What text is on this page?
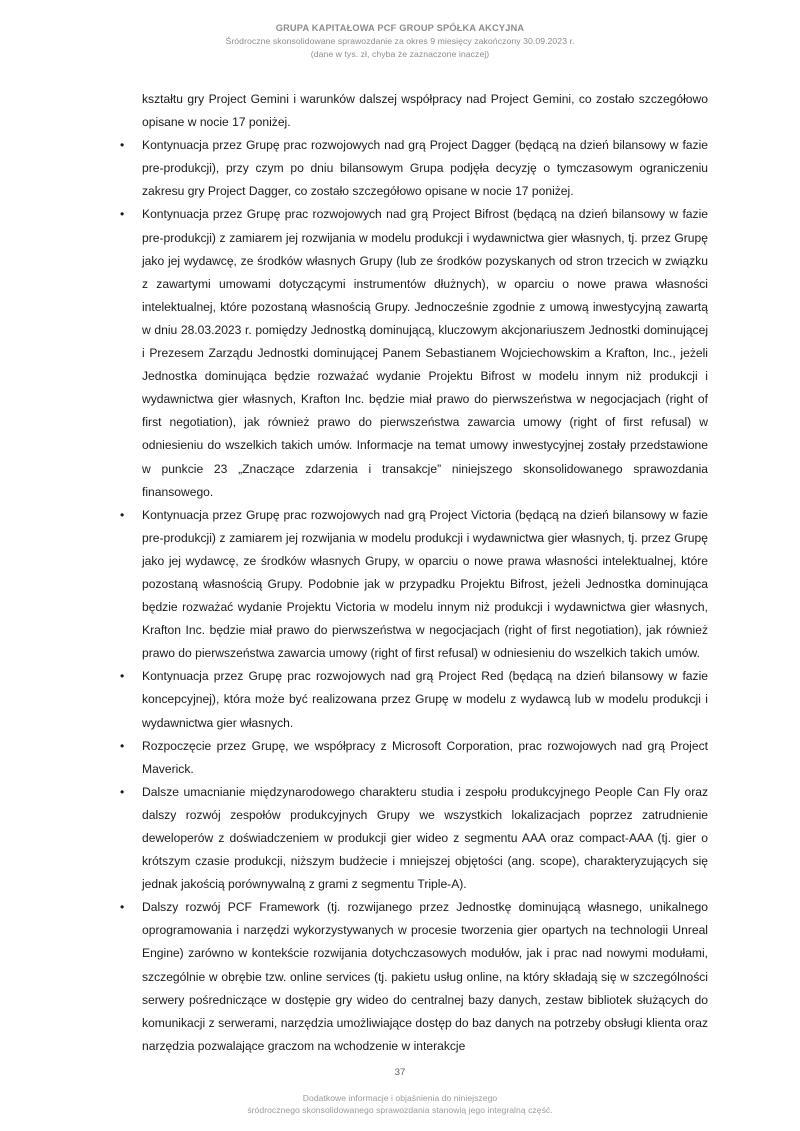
GRUPA KAPITAŁOWA PCF GROUP SPÓŁKA AKCYJNA
Śródroczne skonsolidowane sprawozdanie za okres 9 miesięcy zakończony 30.09.2023 r.
(dane w tys. zł, chyba że zaznaczone inaczej)

kształtu gry Project Gemini i warunków dalszej współpracy nad Project Gemini, co zostało szczegółowo opisane w nocie 17 poniżej.

•	Kontynuacja przez Grupę prac rozwojowych nad grą Project Dagger (będącą na dzień bilansowy w fazie pre-produkcji), przy czym po dniu bilansowym Grupa podjęła decyzję o tymczasowym ograniczeniu zakresu gry Project Dagger, co zostało szczegółowo opisane w nocie 17 poniżej.

•	Kontynuacja przez Grupę prac rozwojowych nad grą Project Bifrost (będącą na dzień bilansowy w fazie pre-produkcji) z zamiarem jej rozwijania w modelu produkcji i wydawnictwa gier własnych, tj. przez Grupę jako jej wydawcę, ze środków własnych Grupy (lub ze środków pozyskanych od stron trzecich w związku z zawartymi umowami dotyczącymi instrumentów dłużnych), w oparciu o nowe prawa własności intelektualnej, które pozostaną własnością Grupy. Jednocześnie zgodnie z umową inwestycyjną zawartą w dniu 28.03.2023 r. pomiędzy Jednostką dominującą, kluczowym akcjonariuszem Jednostki dominującej i Prezesem Zarządu Jednostki dominującej Panem Sebastianem Wojciechowskim a Krafton, Inc., jeżeli Jednostka dominująca będzie rozważać wydanie Projektu Bifrost w modelu innym niż produkcji i wydawnictwa gier własnych, Krafton Inc. będzie miał prawo do pierwszeństwa w negocjacjach (right of first negotiation), jak również prawo do pierwszeństwa zawarcia umowy (right of first refusal) w odniesieniu do wszelkich takich umów. Informacje na temat umowy inwestycyjnej zostały przedstawione w punkcie 23 „Znaczące zdarzenia i transakcje” niniejszego skonsolidowanego sprawozdania finansowego.

•	Kontynuacja przez Grupę prac rozwojowych nad grą Project Victoria (będącą na dzień bilansowy w fazie pre-produkcji) z zamiarem jej rozwijania w modelu produkcji i wydawnictwa gier własnych, tj. przez Grupę jako jej wydawcę, ze środków własnych Grupy, w oparciu o nowe prawa własności intelektualnej, które pozostaną własnością Grupy. Podobnie jak w przypadku Projektu Bifrost, jeżeli Jednostka dominująca będzie rozważać wydanie Projektu Victoria w modelu innym niż produkcji i wydawnictwa gier własnych, Krafton Inc. będzie miał prawo do pierwszeństwa w negocjacjach (right of first negotiation), jak również prawo do pierwszeństwa zawarcia umowy (right of first refusal) w odniesieniu do wszelkich takich umów.

•	Kontynuacja przez Grupę prac rozwojowych nad grą Project Red (będącą na dzień bilansowy w fazie koncepcyjnej), która może być realizowana przez Grupę w modelu z wydawcą lub w modelu produkcji i wydawnictwa gier własnych.

•	Rozpoczęcie przez Grupę, we współpracy z Microsoft Corporation, prac rozwojowych nad grą Project Maverick.

•	Dalsze umacnianie międzynarodowego charakteru studia i zespołu produkcyjnego People Can Fly oraz dalszy rozwój zespołów produkcyjnych Grupy we wszystkich lokalizacjach poprzez zatrudnienie deweloperów z doświadczeniem w produkcji gier wideo z segmentu AAA oraz compact-AAA (tj. gier o krótszym czasie produkcji, niższym budżecie i mniejszej objętości (ang. scope), charakteryzujących się jednak jakością porównywalną z grami z segmentu Triple-A).

•	Dalszy rozwój PCF Framework (tj. rozwijanego przez Jednostkę dominującą własnego, unikalnego oprogramowania i narzędzi wykorzystywanych w procesie tworzenia gier opartych na technologii Unreal Engine) zarówno w kontekście rozwijania dotychczasowych modułów, jak i prac nad nowymi modułami, szczególnie w obrębie tzw. online services (tj. pakietu usług online, na który składają się w szczególności serwery pośredniczące w dostępie gry wideo do centralnej bazy danych, zestaw bibliotek służących do komunikacji z serwerami, narzędzia umożliwiające dostęp do baz danych na potrzeby obsługi klienta oraz narzędzia pozwalające graczom na wchodzenie w interakcje

37
Dodatkowe informacje i objaśnienia do niniejszego
śródrocznego skonsolidowanego sprawozdania stanowią jego integralną część.
